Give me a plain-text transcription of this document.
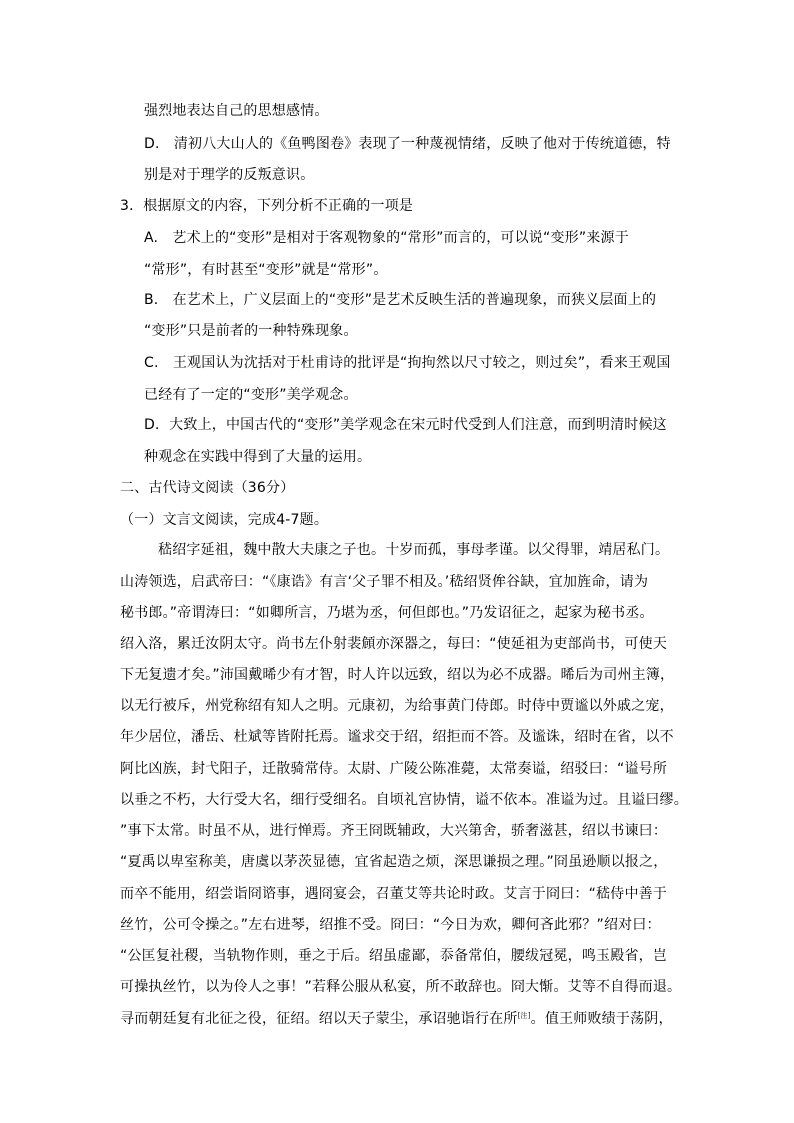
强烈地表达自己的思想感情。
D.　清初八大山人的《鱼鸭图卷》表现了一种蔑视情绪，反映了他对于传统道德，特
别是对于理学的反叛意识。
3．根据原文的内容，下列分析不正确的一项是
A.　艺术上的“变形”是相对于客观物象的“常形”而言的，可以说“变形”来源于
“常形”，有时甚至“变形”就是“常形”。
B.　在艺术上，广义层面上的“变形”是艺术反映生活的普遍现象，而狭义层面上的
“变形”只是前者的一种特殊现象。
C.　王观国认为沈括对于杜甫诗的批评是“拘拘然以尺寸较之，则过矣”，看来王观国
已经有了一定的“变形”美学观念。
D．大致上，中国古代的“变形”美学观念在宋元时代受到人们注意，而到明清时候这
种观念在实践中得到了大量的运用。
二、古代诗文阅读（36分）
（一）文言文阅读，完成4-7题。
嵇绍字延祖，魏中散大夫康之子也。十岁而孤，事母孝谨。以父得罪，靖居私门。
山涛领选，启武帝曰：“《康诰》有言‘父子罪不相及。’嵇绍贤侔谷缺，宜加旌命，请为
秘书郎。”帝谓涛曰：“如卿所言，乃堪为丞，何但郎也。”乃发诏征之，起家为秘书丞。
绍入洛，累迁汝阴太守。尚书左仆射裴頠亦深器之，每曰：“使延祖为吏部尚书，可使天
下无复遗才矣。”沛国戴晞少有才智，时人许以远致，绍以为必不成器。晞后为司州主簿，
以无行被斥，州党称绍有知人之明。元康初，为给事黄门侍郎。时侍中贾谧以外戚之宠，
年少居位，潘岳、杜斌等皆附托焉。谧求交于绍，绍拒而不答。及谧诛，绍时在省，以不
阿比凶族，封弋阳子，迁散骑常侍。太尉、广陵公陈准薨，太常奏谥，绍驳曰：“谥号所
以垂之不朽，大行受大名，细行受细名。自顷礼宫协情，谥不依本。准谥为过。且谥曰缪。
”事下太常。时虽不从，进行惮焉。齐王冏既辅政，大兴第舍，骄奢滋甚，绍以书谏曰：
“夏禹以卑室称美，唐虞以茅茨显德，宜省起造之烦，深思谦损之理。”冏虽逊顺以报之，
而卒不能用，绍尝诣冏谘事，遇冏宴会，召董艾等共论时政。艾言于冏曰：“嵇侍中善于
丝竹，公可令操之。”左右进琴，绍推不受。冏曰：“今日为欢，卿何吝此邪？”绍对曰：
“公匡复社稷，当轨物作则，垂之于后。绍虽虚鄙，忝备常伯，腰绂冠冕，鸣玉殿省，岂
可操执丝竹，以为伶人之事！”若释公服从私宴，所不敢辞也。冏大惭。艾等不自得而退。
寻而朝廷复有北征之役，征绍。绍以天子蒙尘，承诏驰诣行在所[注]。值王师败绩于荡阴，
